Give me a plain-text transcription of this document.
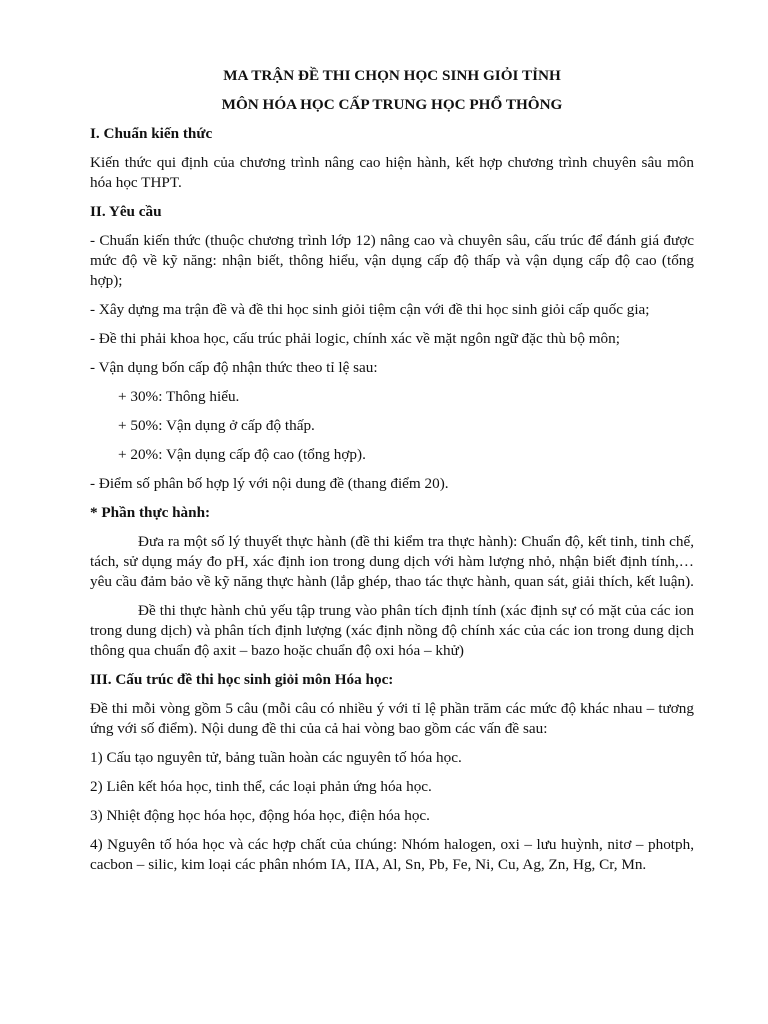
MA TRẬN ĐỀ THI CHỌN HỌC SINH GIỎI TỈNH
MÔN HÓA HỌC CẤP TRUNG HỌC PHỔ THÔNG
I. Chuẩn kiến thức

Kiến thức qui định của chương trình nâng cao hiện hành, kết hợp chương trình chuyên sâu môn hóa học THPT.

II. Yêu cầu

- Chuẩn kiến thức (thuộc chương trình lớp 12) nâng cao và chuyên sâu, cấu trúc để đánh giá được mức độ về kỹ năng: nhận biết, thông hiểu, vận dụng cấp độ thấp và vận dụng cấp độ cao (tổng hợp);

- Xây dựng ma trận đề và đề thi học sinh giỏi tiệm cận với đề thi học sinh giỏi cấp quốc gia;

- Đề thi phải khoa học, cấu trúc phải logic, chính xác về mặt ngôn ngữ đặc thù bộ môn;

- Vận dụng bốn cấp độ nhận thức theo tỉ lệ sau:

+ 30%: Thông hiểu.

+ 50%: Vận dụng ở cấp độ thấp.

+ 20%: Vận dụng cấp độ cao (tổng hợp).

- Điểm số phân bố hợp lý với nội dung đề (thang điểm 20).

* Phần thực hành:

Đưa ra một số lý thuyết thực hành (đề thi kiểm tra thực hành): Chuẩn độ, kết tinh, tinh chế, tách, sử dụng máy đo pH, xác định ion trong dung dịch với hàm lượng nhỏ, nhận biết định tính,… yêu cầu đảm bảo về kỹ năng thực hành (lắp ghép, thao tác thực hành, quan sát, giải thích, kết luận).

Đề thi thực hành chủ yếu tập trung vào phân tích định tính (xác định sự có mặt của các ion trong dung dịch) và phân tích định lượng (xác định nồng độ chính xác của các ion trong dung dịch thông qua chuẩn độ axit – bazo hoặc chuẩn độ oxi hóa – khử)

III. Cấu trúc đề thi học sinh giỏi môn Hóa học:

Đề thi mỗi vòng gồm 5 câu (mỗi câu có nhiều ý với tỉ lệ phần trăm các mức độ khác nhau – tương ứng với số điểm). Nội dung đề thi của cả hai vòng bao gồm các vấn đề sau:

1) Cấu tạo nguyên tử, bảng tuần hoàn các nguyên tố hóa học.

2) Liên kết hóa học, tinh thể, các loại phản ứng hóa học.

3) Nhiệt động học hóa học, động hóa học, điện hóa học.

4) Nguyên tố hóa học và các hợp chất của chúng: Nhóm halogen, oxi – lưu huỳnh, nitơ – photph, cacbon – silic, kim loại các phân nhóm IA, IIA, Al, Sn, Pb, Fe, Ni, Cu, Ag, Zn, Hg, Cr, Mn.
